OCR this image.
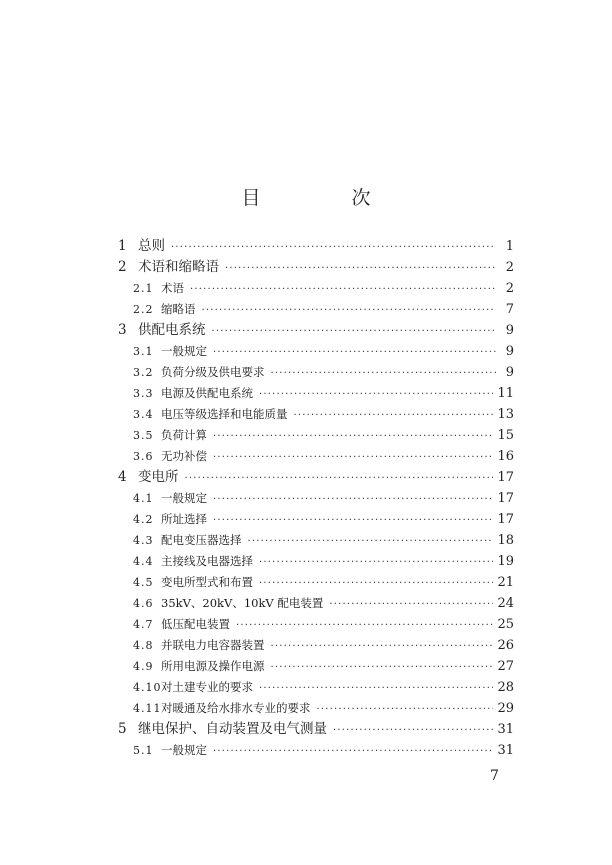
目　次
1 总则 ·····	1
2 术语和缩略语 ·····	2
2.1 术语 ·····	2
2.2 缩略语 ·····	7
3 供配电系统 ·····	9
3.1 一般规定 ·····	9
3.2 负荷分级及供电要求 ·····	9
3.3 电源及供配电系统 ·····	11
3.4 电压等级选择和电能质量 ·····	13
3.5 负荷计算 ·····	15
3.6 无功补偿 ·····	16
4 变电所 ·····	17
4.1 一般规定 ·····	17
4.2 所址选择 ·····	17
4.3 配电变压器选择 ·····	18
4.4 主接线及电器选择 ·····	19
4.5 变电所型式和布置 ·····	21
4.6 35kV、20kV、10kV 配电装置 ·····	24
4.7 低压配电装置 ·····	25
4.8 并联电力电容器装置 ·····	26
4.9 所用电源及操作电源 ·····	27
4.10 对土建专业的要求 ·····	28
4.11 对暖通及给水排水专业的要求 ·····	29
5 继电保护、自动装置及电气测量 ·····	31
5.1 一般规定 ·····	31
7
